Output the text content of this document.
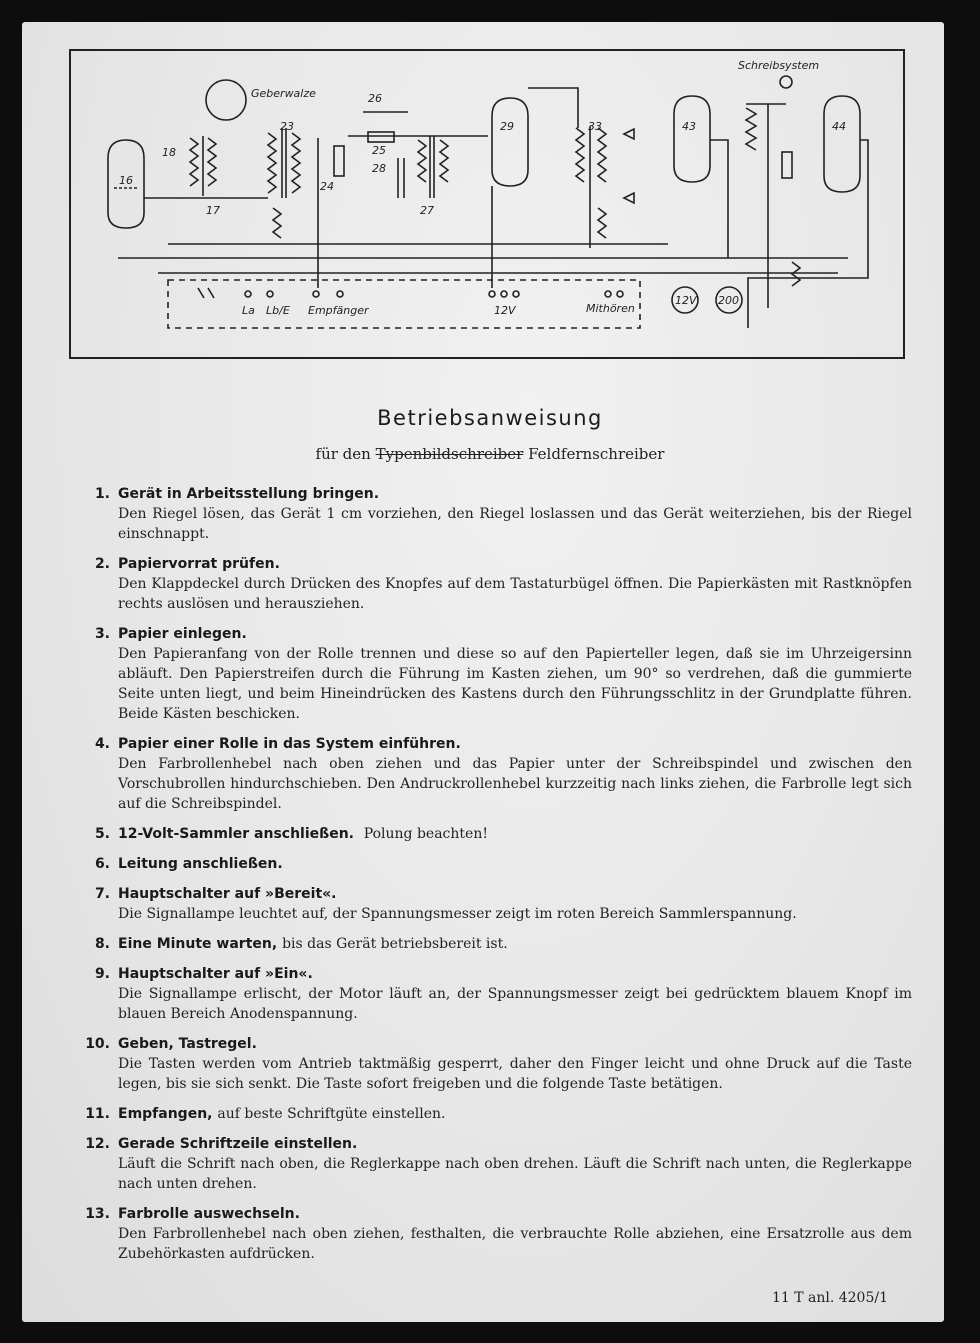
Geberwalze
Schreibsystem
16
17
18
23
24
25
26
27
28
29	33	43	44
La Lb/E Empfänger	12V	Mithören
12V 200
Betriebsanweisung
für den Typenbildschreiber Feldfernschreiber
1. Gerät in Arbeitsstellung bringen.
Den Riegel lösen, das Gerät 1 cm vorziehen, den Riegel loslassen und das Gerät weiterziehen, bis der Riegel einschnappt.
2. Papiervorrat prüfen.
Den Klappdeckel durch Drücken des Knopfes auf dem Tastaturbügel öffnen. Die Papierkästen mit Rastknöpfen rechts auslösen und herausziehen.
3. Papier einlegen.
Den Papieranfang von der Rolle trennen und diese so auf den Papierteller legen, daß sie im Uhrzeigersinn abläuft. Den Papierstreifen durch die Führung im Kasten ziehen, um 90° so verdrehen, daß die gummierte Seite unten liegt, und beim Hineindrücken des Kastens durch den Führungsschlitz in der Grundplatte führen. Beide Kästen beschicken.
4. Papier einer Rolle in das System einführen.
Den Farbrollenhebel nach oben ziehen und das Papier unter der Schreibspindel und zwischen den Vorschubrollen hindurchschieben. Den Andruckrollenhebel kurzzeitig nach links ziehen, die Farbrolle legt sich auf die Schreibspindel.
5. 12-Volt-Sammler anschließen. Polung beachten!
6. Leitung anschließen.
7. Hauptschalter auf »Bereit«.
Die Signallampe leuchtet auf, der Spannungsmesser zeigt im roten Bereich Sammlerspannung.
8. Eine Minute warten, bis das Gerät betriebsbereit ist.
9. Hauptschalter auf »Ein«.
Die Signallampe erlischt, der Motor läuft an, der Spannungsmesser zeigt bei gedrücktem blauem Knopf im blauen Bereich Anodenspannung.
10. Geben, Tastregel.
Die Tasten werden vom Antrieb taktmäßig gesperrt, daher den Finger leicht und ohne Druck auf die Taste legen, bis sie sich senkt. Die Taste sofort freigeben und die folgende Taste betätigen.
11. Empfangen, auf beste Schriftgüte einstellen.
12. Gerade Schriftzeile einstellen.
Läuft die Schrift nach oben, die Reglerkappe nach oben drehen. Läuft die Schrift nach unten, die Reglerkappe nach unten drehen.
13. Farbrolle auswechseln.
Den Farbrollenhebel nach oben ziehen, festhalten, die verbrauchte Rolle abziehen, eine Ersatzrolle aus dem Zubehörkasten aufdrücken.
11 T anl. 4205/1
